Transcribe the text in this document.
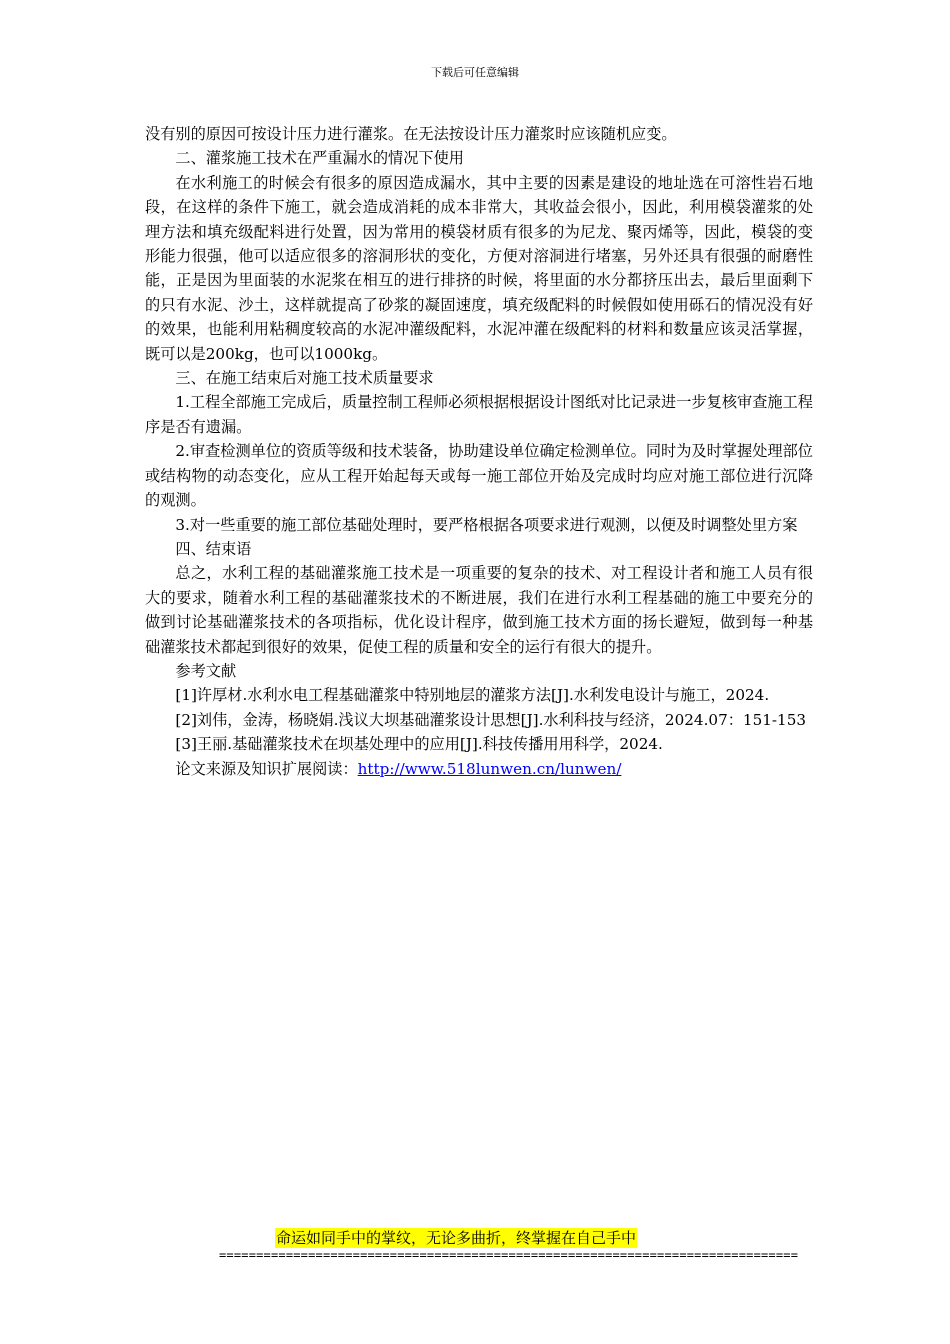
下载后可任意编辑

没有别的原因可按设计压力进行灌浆。在无法按设计压力灌浆时应该随机应变。

二、灌浆施工技术在严重漏水的情况下使用

在水利施工的时候会有很多的原因造成漏水，其中主要的因素是建设的地址选在可溶性岩石地段，在这样的条件下施工，就会造成消耗的成本非常大，其收益会很小，因此，利用模袋灌浆的处理方法和填充级配料进行处置，因为常用的模袋材质有很多的为尼龙、聚丙烯等，因此，模袋的变形能力很强，他可以适应很多的溶洞形状的变化，方便对溶洞进行堵塞，另外还具有很强的耐磨性能，正是因为里面装的水泥浆在相互的进行排挤的时候，将里面的水分都挤压出去，最后里面剩下的只有水泥、沙土，这样就提高了砂浆的凝固速度，填充级配料的时候假如使用砾石的情况没有好的效果，也能利用粘稠度较高的水泥冲灌级配料，水泥冲灌在级配料的材料和数量应该灵活掌握，既可以是200kg，也可以1000kg。

三、在施工结束后对施工技术质量要求

1.工程全部施工完成后，质量控制工程师必须根据根据设计图纸对比记录进一步复核审查施工程序是否有遗漏。

2.审查检测单位的资质等级和技术装备，协助建设单位确定检测单位。同时为及时掌握处理部位或结构物的动态变化，应从工程开始起每天或每一施工部位开始及完成时均应对施工部位进行沉降的观测。

3.对一些重要的施工部位基础处理时，要严格根据各项要求进行观测，以便及时调整处里方案

四、结束语

总之，水利工程的基础灌浆施工技术是一项重要的复杂的技术、对工程设计者和施工人员有很大的要求，随着水利工程的基础灌浆技术的不断进展，我们在进行水利工程基础的施工中要充分的做到讨论基础灌浆技术的各项指标，优化设计程序，做到施工技术方面的扬长避短，做到每一种基础灌浆技术都起到很好的效果，促使工程的质量和安全的运行有很大的提升。

参考文献

[1]许厚材.水利水电工程基础灌浆中特别地层的灌浆方法[J].水利发电设计与施工，2024.

[2]刘伟，金涛，杨晓娟.浅议大坝基础灌浆设计思想[J].水利科技与经济，2024.07：151-153

[3]王丽.基础灌浆技术在坝基处理中的应用[J].科技传播用用科学，2024.

论文来源及知识扩展阅读：http://www.518lunwen.cn/lunwen/

命运如同手中的掌纹，无论多曲折，终掌握在自己手中
==============================================================================
